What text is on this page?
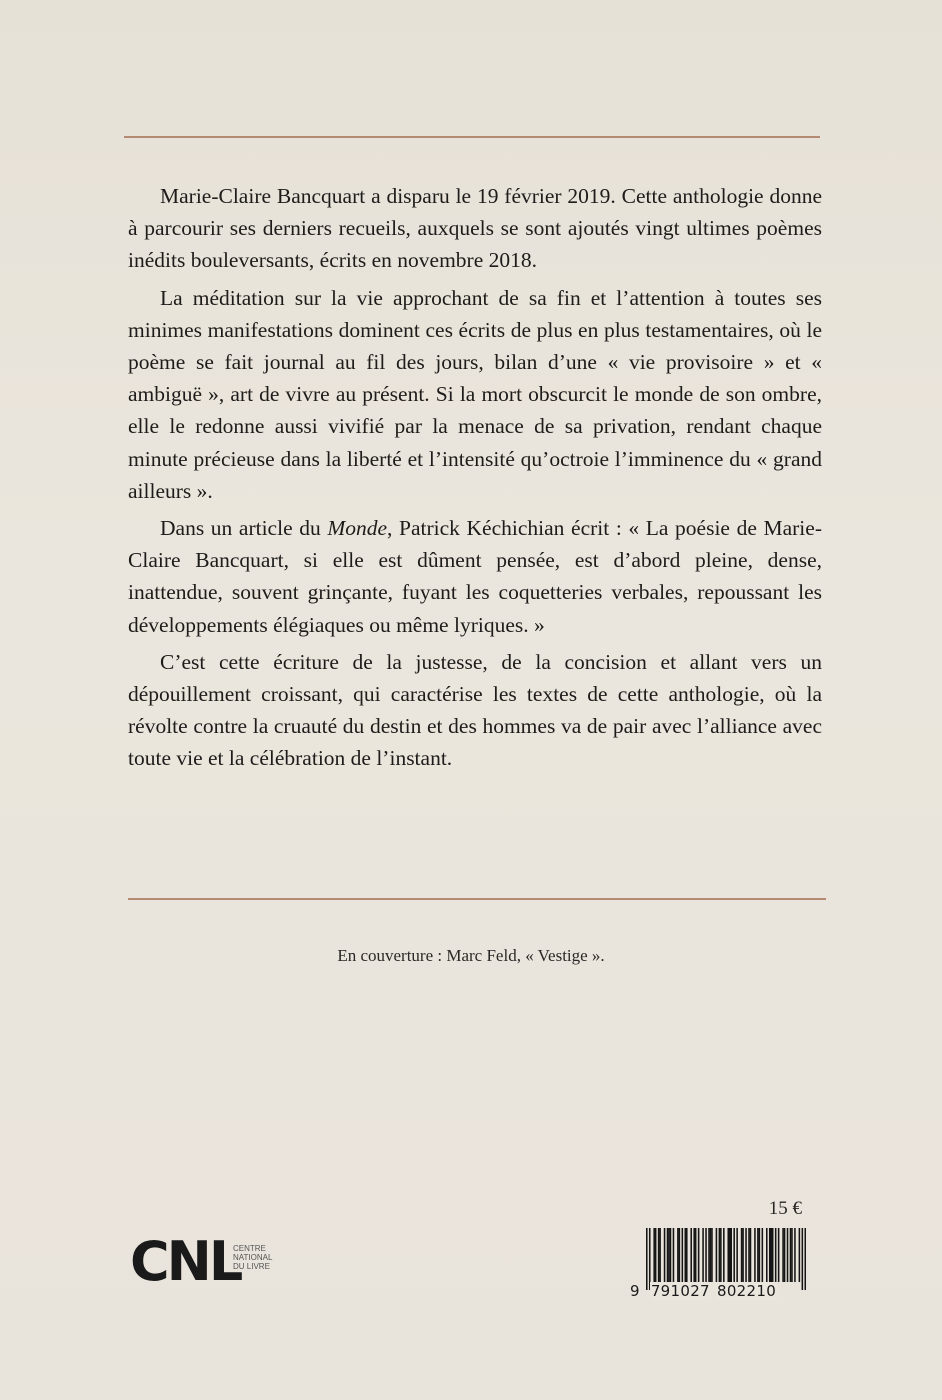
Marie-Claire Bancquart a disparu le 19 février 2019. Cette anthologie donne à parcourir ses derniers recueils, auxquels se sont ajoutés vingt ultimes poèmes inédits bouleversants, écrits en novembre 2018.

La méditation sur la vie approchant de sa fin et l’attention à toutes ses minimes manifestations dominent ces écrits de plus en plus testamentaires, où le poème se fait journal au fil des jours, bilan d’une « vie provisoire » et « ambiguë », art de vivre au présent. Si la mort obscurcit le monde de son ombre, elle le redonne aussi vivifié par la menace de sa privation, rendant chaque minute précieuse dans la liberté et l’intensité qu’octroie l’imminence du « grand ailleurs ».

Dans un article du Monde, Patrick Kéchichian écrit : « La poésie de Marie-Claire Bancquart, si elle est dûment pensée, est d’abord pleine, dense, inattendue, souvent grinçante, fuyant les coquetteries verbales, repoussant les développements élégiaques ou même lyriques. »

C’est cette écriture de la justesse, de la concision et allant vers un dépouillement croissant, qui caractérise les textes de cette anthologie, où la révolte contre la cruauté du destin et des hommes va de pair avec l’alliance avec toute vie et la célébration de l’instant.

En couverture : Marc Feld, « Vestige ».
CNL
CENTRE
NATIONAL
DU LIVRE
15 €
9 791027 802210
